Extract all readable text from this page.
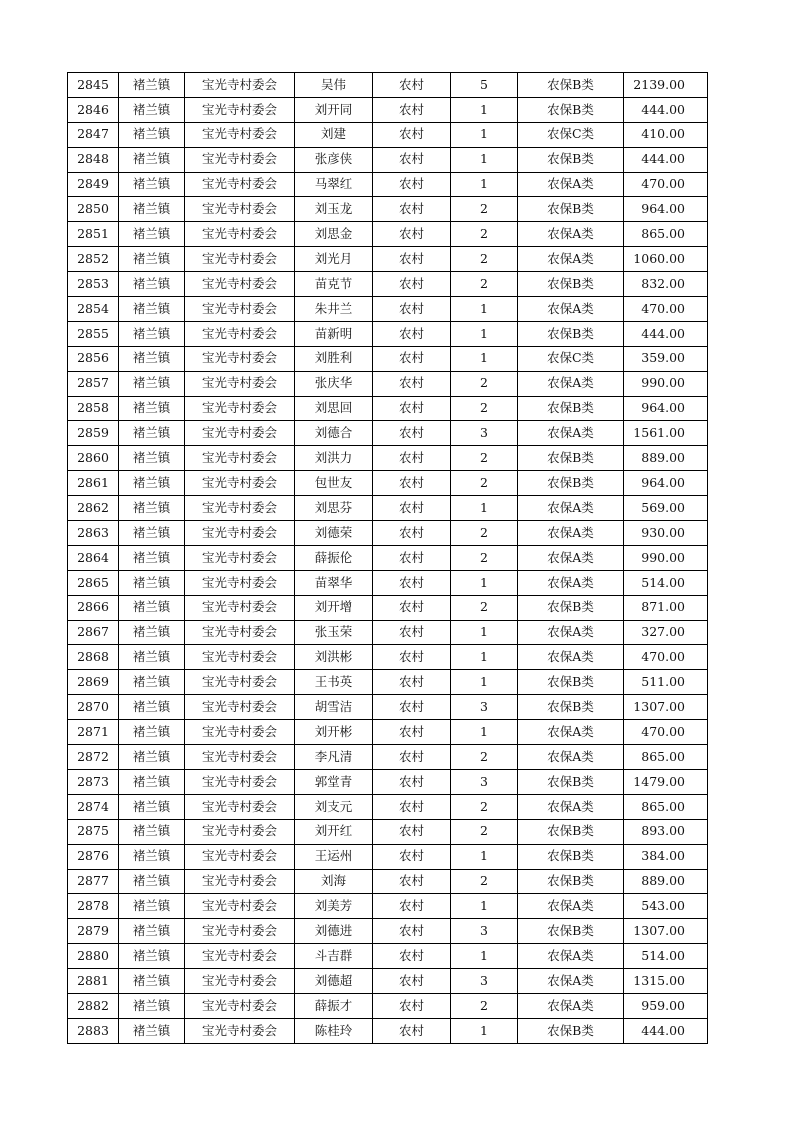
2845	褚兰镇	宝光寺村委会	吴伟	农村	5	农保B类	2139.00
2846	褚兰镇	宝光寺村委会	刘开同	农村	1	农保B类	444.00
2847	褚兰镇	宝光寺村委会	刘建	农村	1	农保C类	410.00
2848	褚兰镇	宝光寺村委会	张彦侠	农村	1	农保B类	444.00
2849	褚兰镇	宝光寺村委会	马翠红	农村	1	农保A类	470.00
2850	褚兰镇	宝光寺村委会	刘玉龙	农村	2	农保B类	964.00
2851	褚兰镇	宝光寺村委会	刘思金	农村	2	农保A类	865.00
2852	褚兰镇	宝光寺村委会	刘光月	农村	2	农保A类	1060.00
2853	褚兰镇	宝光寺村委会	苗克节	农村	2	农保B类	832.00
2854	褚兰镇	宝光寺村委会	朱井兰	农村	1	农保A类	470.00
2855	褚兰镇	宝光寺村委会	苗新明	农村	1	农保B类	444.00
2856	褚兰镇	宝光寺村委会	刘胜利	农村	1	农保C类	359.00
2857	褚兰镇	宝光寺村委会	张庆华	农村	2	农保A类	990.00
2858	褚兰镇	宝光寺村委会	刘思回	农村	2	农保B类	964.00
2859	褚兰镇	宝光寺村委会	刘德合	农村	3	农保A类	1561.00
2860	褚兰镇	宝光寺村委会	刘洪力	农村	2	农保B类	889.00
2861	褚兰镇	宝光寺村委会	包世友	农村	2	农保B类	964.00
2862	褚兰镇	宝光寺村委会	刘思芬	农村	1	农保A类	569.00
2863	褚兰镇	宝光寺村委会	刘德荣	农村	2	农保A类	930.00
2864	褚兰镇	宝光寺村委会	薛振伦	农村	2	农保A类	990.00
2865	褚兰镇	宝光寺村委会	苗翠华	农村	1	农保A类	514.00
2866	褚兰镇	宝光寺村委会	刘开增	农村	2	农保B类	871.00
2867	褚兰镇	宝光寺村委会	张玉荣	农村	1	农保A类	327.00
2868	褚兰镇	宝光寺村委会	刘洪彬	农村	1	农保A类	470.00
2869	褚兰镇	宝光寺村委会	王书英	农村	1	农保B类	511.00
2870	褚兰镇	宝光寺村委会	胡雪洁	农村	3	农保B类	1307.00
2871	褚兰镇	宝光寺村委会	刘开彬	农村	1	农保A类	470.00
2872	褚兰镇	宝光寺村委会	李凡清	农村	2	农保A类	865.00
2873	褚兰镇	宝光寺村委会	郭堂青	农村	3	农保B类	1479.00
2874	褚兰镇	宝光寺村委会	刘支元	农村	2	农保A类	865.00
2875	褚兰镇	宝光寺村委会	刘开红	农村	2	农保B类	893.00
2876	褚兰镇	宝光寺村委会	王运州	农村	1	农保B类	384.00
2877	褚兰镇	宝光寺村委会	刘海	农村	2	农保B类	889.00
2878	褚兰镇	宝光寺村委会	刘美芳	农村	1	农保A类	543.00
2879	褚兰镇	宝光寺村委会	刘德进	农村	3	农保B类	1307.00
2880	褚兰镇	宝光寺村委会	斗吉群	农村	1	农保A类	514.00
2881	褚兰镇	宝光寺村委会	刘德超	农村	3	农保A类	1315.00
2882	褚兰镇	宝光寺村委会	薛振才	农村	2	农保A类	959.00
2883	褚兰镇	宝光寺村委会	陈桂玲	农村	1	农保B类	444.00
